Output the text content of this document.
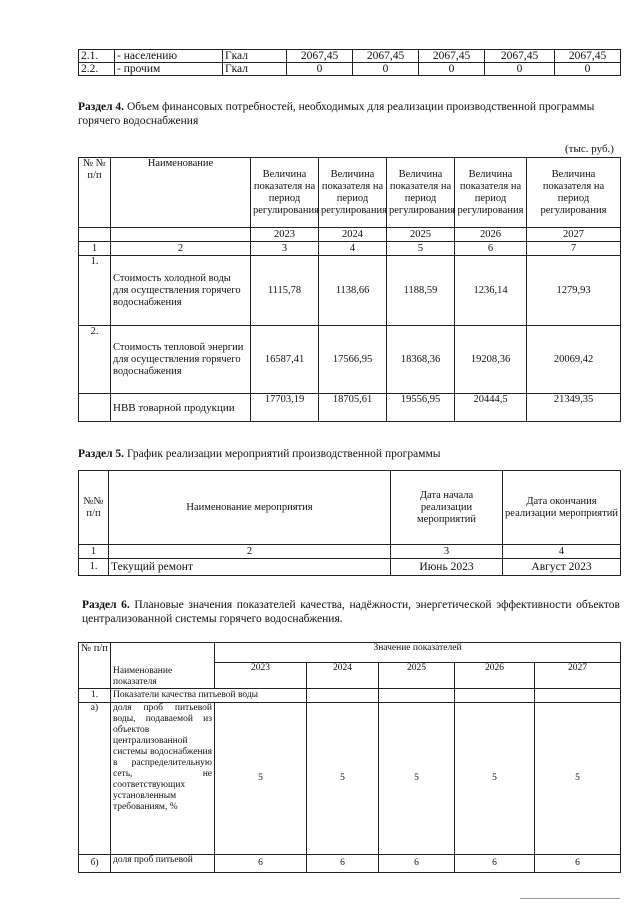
2.1.	- населению	Гкал	2067,45	2067,45	2067,45	2067,45	2067,45
2.2.	- прочим	Гкал	0	0	0	0	0
Раздел 4. Объем финансовых потребностей, необходимых для реализации производственной программы горячего водоснабжения
(тыс. руб.)
№ № п/п	Наименование	Величина показателя на период регулирования	Величина показателя на период регулирования	Величина показателя на период регулирования	Величина показателя на период регулирования	Величина показателя на период регулирования
		2023	2024	2025	2026	2027
1	2	3	4	5	6	7
1.	Стоимость холодной воды для осуществления горячего водоснабжения	1115,78	1138,66	1188,59	1236,14	1279,93
2.	Стоимость тепловой энергии для осуществления горячего водоснабжения	16587,41	17566,95	18368,36	19208,36	20069,42
	НВВ товарной продукции	17703,19	18705,61	19556,95	20444,5	21349,35
Раздел 5. График реализации мероприятий производственной программы
№№ п/п	Наименование мероприятия	Дата начала реализации мероприятий	Дата окончания реализации мероприятий
1	2	3	4
1.	Текущий ремонт	Июнь 2023	Август 2023
Раздел 6. Плановые значения показателей качества, надёжности, энергетической эффективности объектов централизованной системы горячего водоснабжения.
№ п/п	Наименование показателя	Значение показателей				
		2023	2024	2025	2026	2027
1.	Показатели качества питьевой воды					
а)	доля проб питьевой воды, подаваемой из объектов централизованной системы водоснабжения в распределительную сеть, не соответствующих установленным требованиям, %	5	5	5	5	5
б)	доля проб питьевой	6	6	6	6	6
